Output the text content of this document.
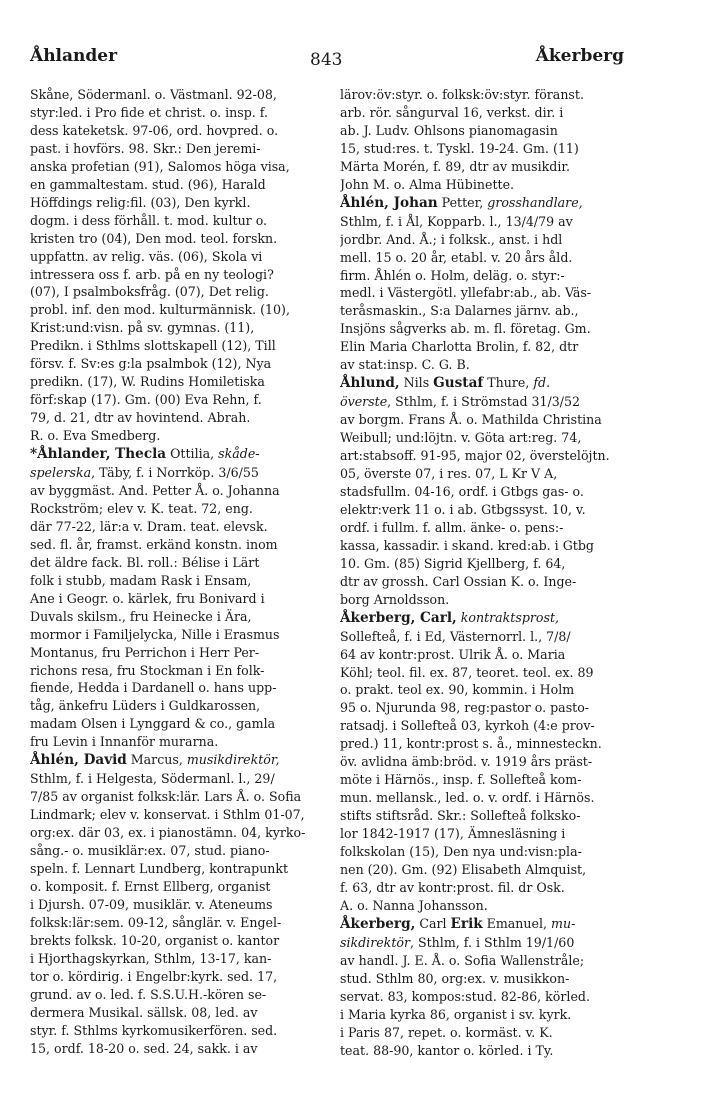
Åhlander	843	Åkerberg
Skåne, Södermanl. o. Västmanl. 92-08,
styr:led. i Pro fide et christ. o. insp. f.
dess kateketsk. 97-06, ord. hovpred. o.
past. i hovförs. 98. Skr.: Den jeremi-
anska profetian (91), Salomos höga visa,
en gammaltestam. stud. (96), Harald
Höffdings relig:fil. (03), Den kyrkl.
dogm. i dess förhåll. t. mod. kultur o.
kristen tro (04), Den mod. teol. forskn.
uppfattn. av relig. väs. (06), Skola vi
intressera oss f. arb. på en ny teologi?
(07), I psalmboksfråg. (07), Det relig.
probl. inf. den mod. kulturmännisk. (10),
Krist:und:visn. på sv. gymnas. (11),
Predikn. i Sthlms slottskapell (12), Till
försv. f. Sv:es g:la psalmbok (12), Nya
predikn. (17), W. Rudins Homiletiska
förf:skap (17). Gm. (00) Eva Rehn, f.
79, d. 21, dtr av hovintend. Abrah.
R. o. Eva Smedberg.
*Åhlander, Thecla Ottilia, skåde-
spelerska, Täby, f. i Norrköp. 3/6/55
av byggmäst. And. Petter Å. o. Johanna
Rockström; elev v. K. teat. 72, eng.
där 77-22, lär:a v. Dram. teat. elevsk.
sed. fl. år, framst. erkänd konstn. inom
det äldre fack. Bl. roll.: Bélise i Lärt
folk i stubb, madam Rask i Ensam,
Ane i Geogr. o. kärlek, fru Bonivard i
Duvals skilsm., fru Heinecke i Ära,
mormor i Familjelycka, Nille i Erasmus
Montanus, fru Perrichon i Herr Per-
richons resa, fru Stockman i En folk-
fiende, Hedda i Dardanell o. hans upp-
tåg, änkefru Lüders i Guldkarossen,
madam Olsen i Lynggard & co., gamla
fru Levin i Innanför murarna.
Åhlén, David Marcus, musikdirektör,
Sthlm, f. i Helgesta, Södermanl. l., 29/
7/85 av organist folksk:lär. Lars Å. o. Sofia
Lindmark; elev v. konservat. i Sthlm 01-07,
org:ex. där 03, ex. i pianostämn. 04, kyrko-
sång.- o. musiklär:ex. 07, stud. piano-
speln. f. Lennart Lundberg, kontrapunkt
o. komposit. f. Ernst Ellberg, organist
i Djursh. 07-09, musiklär. v. Ateneums
folksk:lär:sem. 09-12, sånglär. v. Engel-
brekts folksk. 10-20, organist o. kantor
i Hjorthagskyrkan, Sthlm, 13-17, kan-
tor o. kördirig. i Engelbr:kyrk. sed. 17,
grund. av o. led. f. S.S.U.H.-kören se-
dermera Musikal. sällsk. 08, led. av
styr. f. Sthlms kyrkomusikerfören. sed.
15, ordf. 18-20 o. sed. 24, sakk. i av
lärov:öv:styr. o. folksk:öv:styr. föranst.
arb. rör. sångurval 16, verkst. dir. i
ab. J. Ludv. Ohlsons pianomagasin
15, stud:res. t. Tyskl. 19-24. Gm. (11)
Märta Morén, f. 89, dtr av musikdir.
John M. o. Alma Hübinette.
Åhlén, Johan Petter, grosshandlare,
Sthlm, f. i Ål, Kopparb. l., 13/4/79 av
jordbr. And. Å.; i folksk., anst. i hdl
mell. 15 o. 20 år, etabl. v. 20 års åld.
firm. Åhlén o. Holm, deläg. o. styr:-
medl. i Västergötl. yllefabr:ab., ab. Väs-
teråsmaskin., S:a Dalarnes järnv. ab.,
Insjöns sågverks ab. m. fl. företag. Gm.
Elin Maria Charlotta Brolin, f. 82, dtr
av stat:insp. C. G. B.
Åhlund, Nils Gustaf Thure, fd.
överste, Sthlm, f. i Strömstad 31/3/52
av borgm. Frans Å. o. Mathilda Christina
Weibull; und:löjtn. v. Göta art:reg. 74,
art:stabsoff. 91-95, major 02, överstelöjtn.
05, överste 07, i res. 07, L Kr V A,
stadsfullm. 04-16, ordf. i Gtbgs gas- o.
elektr:verk 11 o. i ab. Gtbgssyst. 10, v.
ordf. i fullm. f. allm. änke- o. pens:-
kassa, kassadir. i skand. kred:ab. i Gtbg
10. Gm. (85) Sigrid Kjellberg, f. 64,
dtr av grossh. Carl Ossian K. o. Inge-
borg Arnoldsson.
Åkerberg, Carl, kontraktsprost,
Sollefteå, f. i Ed, Västernorrl. l., 7/8/
64 av kontr:prost. Ulrik Å. o. Maria
Köhl; teol. fil. ex. 87, teoret. teol. ex. 89
o. prakt. teol ex. 90, kommin. i Holm
95 o. Njurunda 98, reg:pastor o. pasto-
ratsadj. i Sollefteå 03, kyrkoh (4:e prov-
pred.) 11, kontr:prost s. å., minnesteckn.
öv. avlidna ämb:bröd. v. 1919 års präst-
möte i Härnös., insp. f. Sollefteå kom-
mun. mellansk., led. o. v. ordf. i Härnös.
stifts stiftsråd. Skr.: Sollefteå folksko-
lor 1842-1917 (17), Ämnesläsning i
folkskolan (15), Den nya und:visn:pla-
nen (20). Gm. (92) Elisabeth Almquist,
f. 63, dtr av kontr:prost. fil. dr Osk.
A. o. Nanna Johansson.
Åkerberg, Carl Erik Emanuel, mu-
sikdirektör, Sthlm, f. i Sthlm 19/1/60
av handl. J. E. Å. o. Sofia Wallenstråle;
stud. Sthlm 80, org:ex. v. musikkon-
servat. 83, kompos:stud. 82-86, körled.
i Maria kyrka 86, organist i sv. kyrk.
i Paris 87, repet. o. kormäst. v. K.
teat. 88-90, kantor o. körled. i Ty.
